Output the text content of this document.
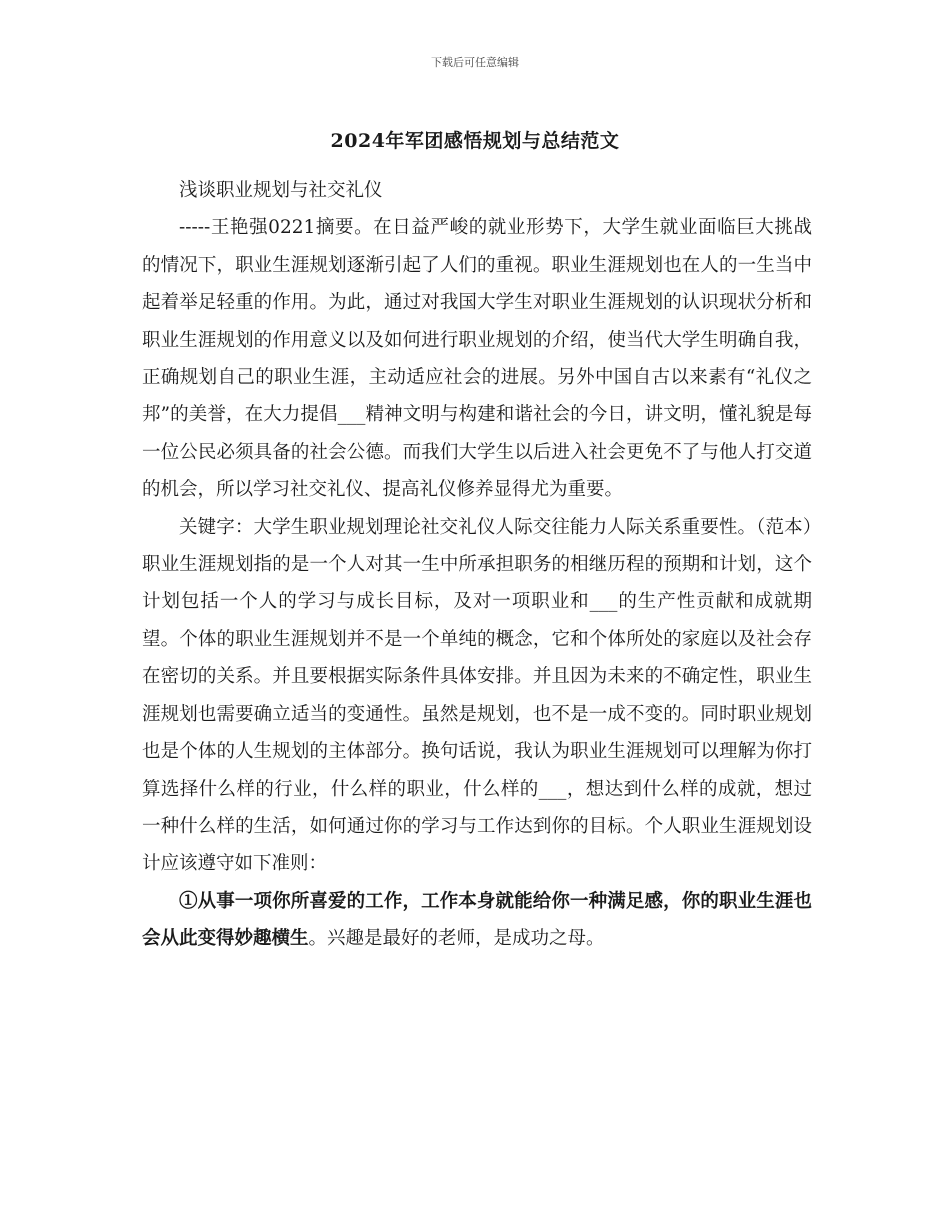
下载后可任意编辑
2024年军团感悟规划与总结范文

浅谈职业规划与社交礼仪

-----王艳强0221摘要。在日益严峻的就业形势下，大学生就业面临巨大挑战的情况下，职业生涯规划逐渐引起了人们的重视。职业生涯规划也在人的一生当中起着举足轻重的作用。为此，通过对我国大学生对职业生涯规划的认识现状分析和职业生涯规划的作用意义以及如何进行职业规划的介绍，使当代大学生明确自我，正确规划自己的职业生涯，主动适应社会的进展。另外中国自古以来素有“礼仪之邦”的美誉，在大力提倡___精神文明与构建和谐社会的今日，讲文明，懂礼貌是每一位公民必须具备的社会公德。而我们大学生以后进入社会更免不了与他人打交道的机会，所以学习社交礼仪、提高礼仪修养显得尤为重要。

关键字：大学生职业规划理论社交礼仪人际交往能力人际关系重要性。（范本）职业生涯规划指的是一个人对其一生中所承担职务的相继历程的预期和计划，这个计划包括一个人的学习与成长目标，及对一项职业和___的生产性贡献和成就期望。个体的职业生涯规划并不是一个单纯的概念，它和个体所处的家庭以及社会存在密切的关系。并且要根据实际条件具体安排。并且因为未来的不确定性，职业生涯规划也需要确立适当的变通性。虽然是规划，也不是一成不变的。同时职业规划也是个体的人生规划的主体部分。换句话说，我认为职业生涯规划可以理解为你打算选择什么样的行业，什么样的职业，什么样的___，想达到什么样的成就，想过一种什么样的生活，如何通过你的学习与工作达到你的目标。个人职业生涯规划设计应该遵守如下准则：

①从事一项你所喜爱的工作，工作本身就能给你一种满足感，你的职业生涯也会从此变得妙趣横生。兴趣是最好的老师，是成功之母。
